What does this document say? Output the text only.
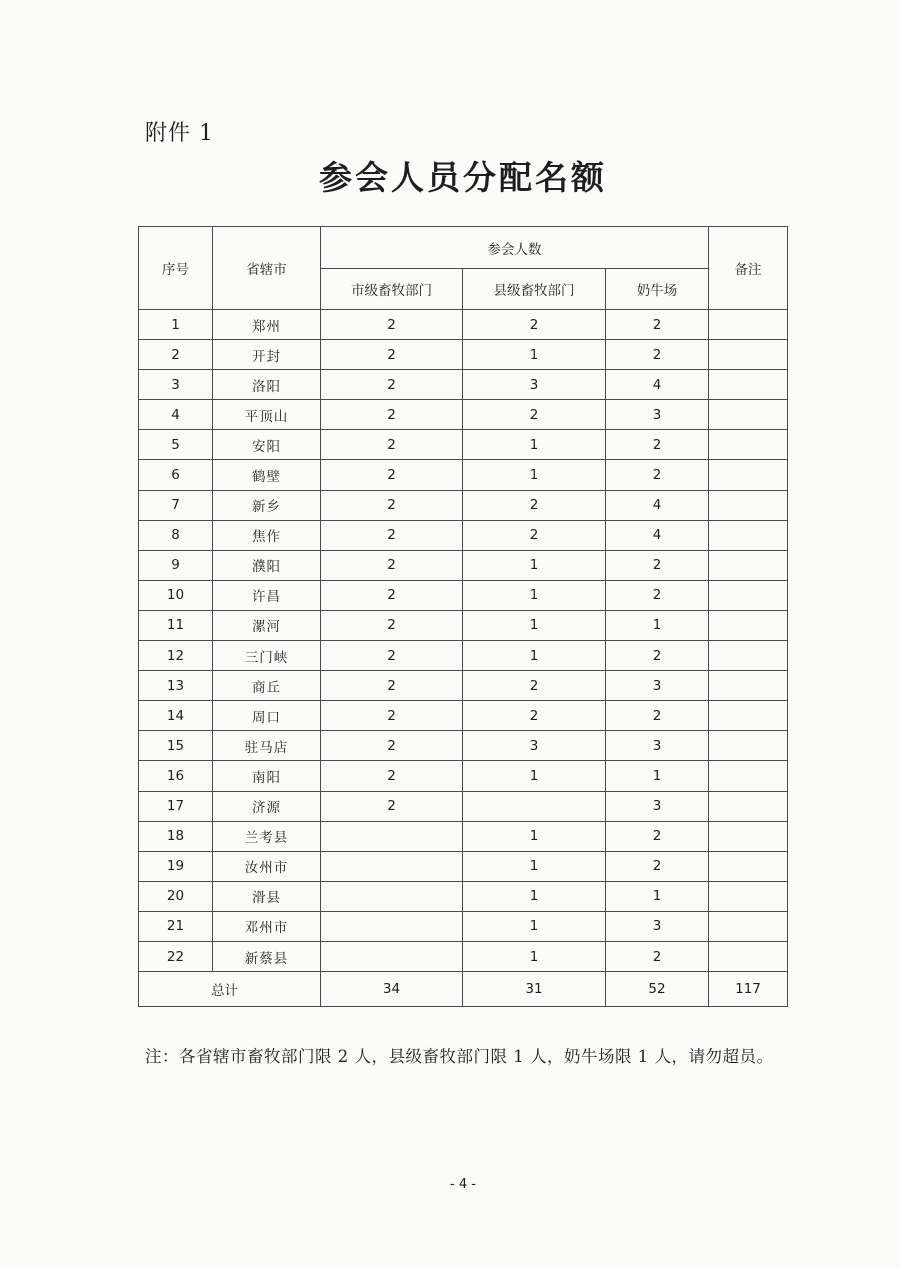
附件 1
参会人员分配名额
序号	省辖市	参会人数			备注
		市级畜牧部门	县级畜牧部门	奶牛场	
1	郑州	2	2	2	
2	开封	2	1	2	
3	洛阳	2	3	4	
4	平顶山	2	2	3	
5	安阳	2	1	2	
6	鹤壁	2	1	2	
7	新乡	2	2	4	
8	焦作	2	2	4	
9	濮阳	2	1	2	
10	许昌	2	1	2	
11	漯河	2	1	1	
12	三门峡	2	1	2	
13	商丘	2	2	3	
14	周口	2	2	2	
15	驻马店	2	3	3	
16	南阳	2	1	1	
17	济源	2		3	
18	兰考县		1	2	
19	汝州市		1	2	
20	滑县		1	1	
21	邓州市		1	3	
22	新蔡县		1	2	
总计		34	31	52	117
注：各省辖市畜牧部门限 2 人，县级畜牧部门限 1 人，奶牛场限 1 人，请勿超员。
- 4 -
